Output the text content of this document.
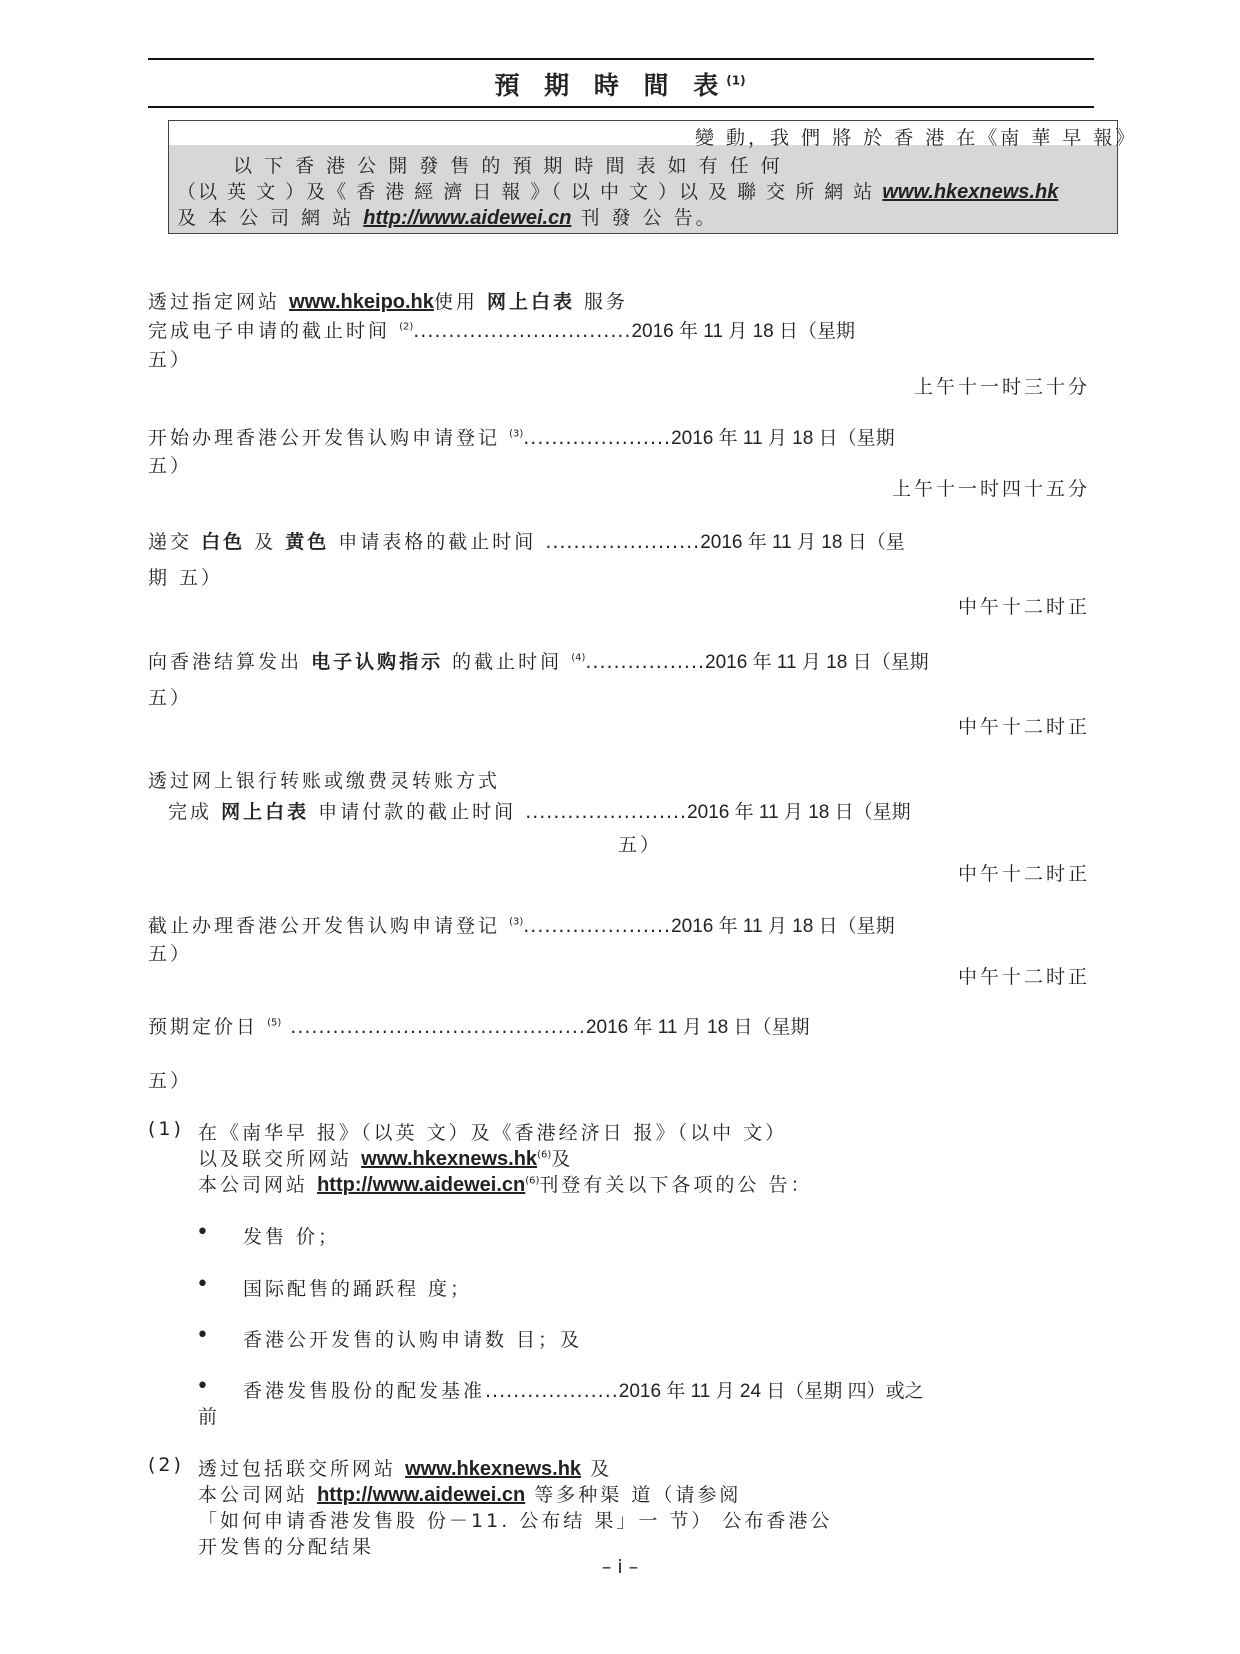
預 期 時 間 表$^{(1)}$
變 動，我 們 將 於 香 港 在《南 華 早 報》
以 下 香 港 公 開 發 售 的 預 期 時 間 表 如 有 任 何
（以 英 文 ）及《 香 港 經 濟 日 報 》（ 以 中 文 ）以 及 聯 交 所 網 站 www.hkexnews.hk
及 本 公 司 網 站 http://www.aidewei.cn 刊 發 公 告。
透过指定网站 www.hkeipo.hk使用 网上白表 服务
完成电子申请的截止时间 $^{(2)}$...............................2016 年 11 月 18 日（星期
五）
上午十一时三十分
开始办理香港公开发售认购申请登记 $^{(3)}$.....................2016 年 11 月 18 日（星期
五）
上午十一时四十五分
递交 白色 及 黄色 申请表格的截止时间 ......................2016 年 11 月 18 日（星
期 五）
中午十二时正
向香港结算发出 电子认购指示 的截止时间 $^{(4)}$.................2016 年 11 月 18 日（星期
五）
中午十二时正
透过网上银行转账或缴费灵转账方式
完成 网上白表 申请付款的截止时间 .......................2016 年 11 月 18 日（星期
五）
中午十二时正
截止办理香港公开发售认购申请登记 $^{(3)}$.....................2016 年 11 月 18 日（星期
五）
中午十二时正
预期定价日 $^{(5)}$ ..........................................2016 年 11 月 18 日（星期
五）
(1) 在《南华早 报》（以英 文）及《香港经济日 报》（以中 文）
以及联交所网站 $www.hkexnews.hk^{(6)}$及
本公司网站 $http://www.aidewei.cn^{(6)}$刊登有关以下各项的公 告：
• 发售 价；
• 国际配售的踊跃程 度；
• 香港公开发售的认购申请数 目；及
• 香港发售股份的配发基准...................2016 年 11 月 24 日（星期 四）或之
前
(2) 透过包括联交所网站 www.hkexnews.hk 及
本公司网站 http://www.aidewei.cn 等多种渠 道（请参阅
「如何申请香港发售股 份－11. 公布结 果」一 节） 公布香港公
开发售的分配结果
– i –
